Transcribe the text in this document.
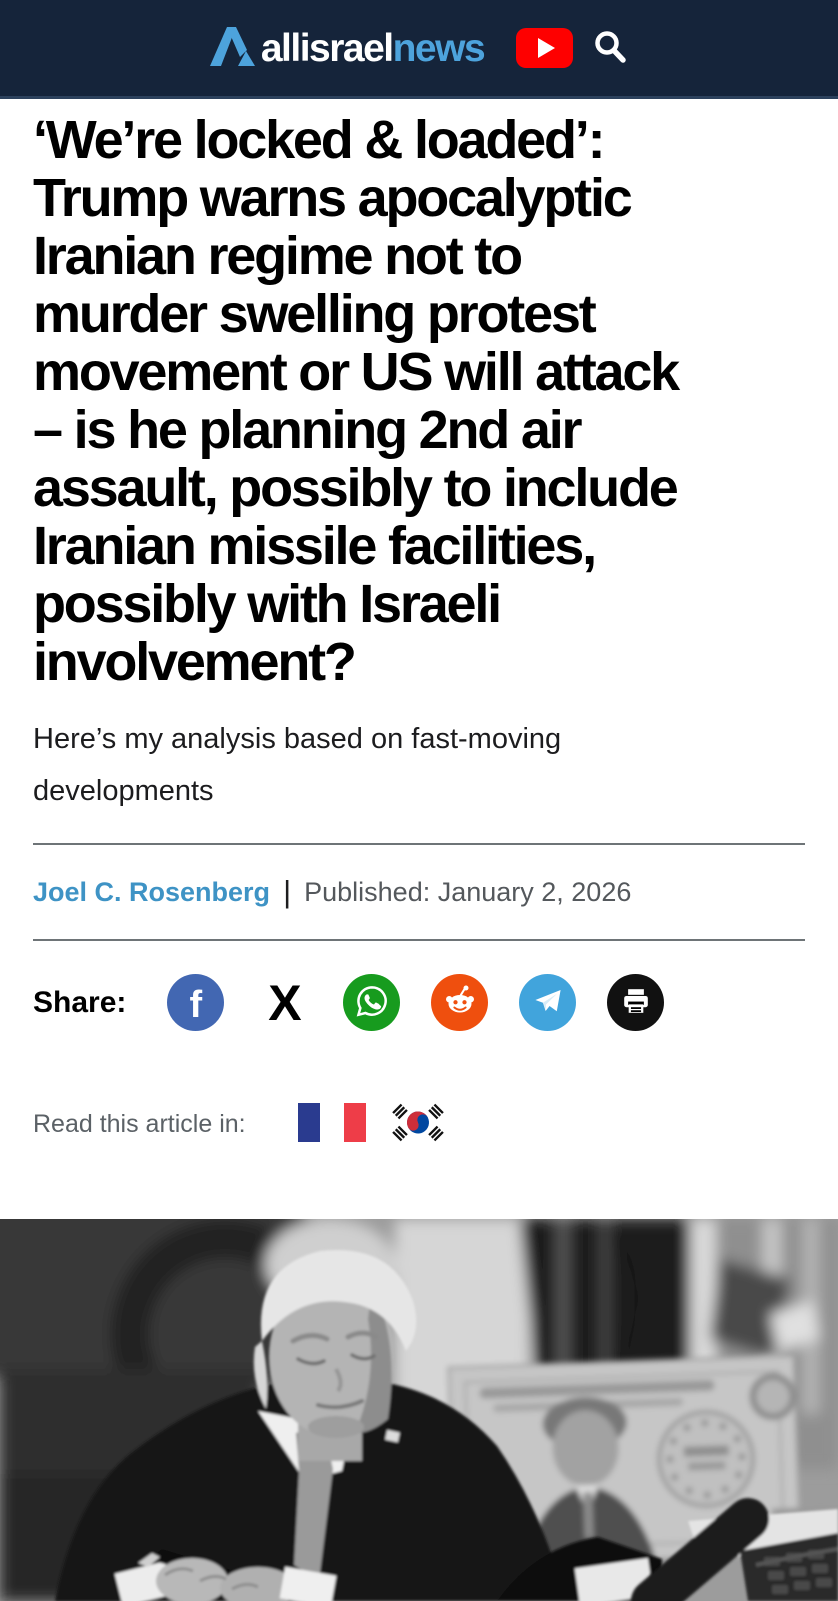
allisraelnews
‘We’re locked & loaded’:
Trump warns apocalyptic
Iranian regime not to
murder swelling protest
movement or US will attack
– is he planning 2nd air
assault, possibly to include
Iranian missile facilities,
possibly with Israeli
involvement?
Here’s my analysis based on fast-moving
developments
Joel C. Rosenberg | Published: January 2, 2026
Share: f X
Read this article in:
